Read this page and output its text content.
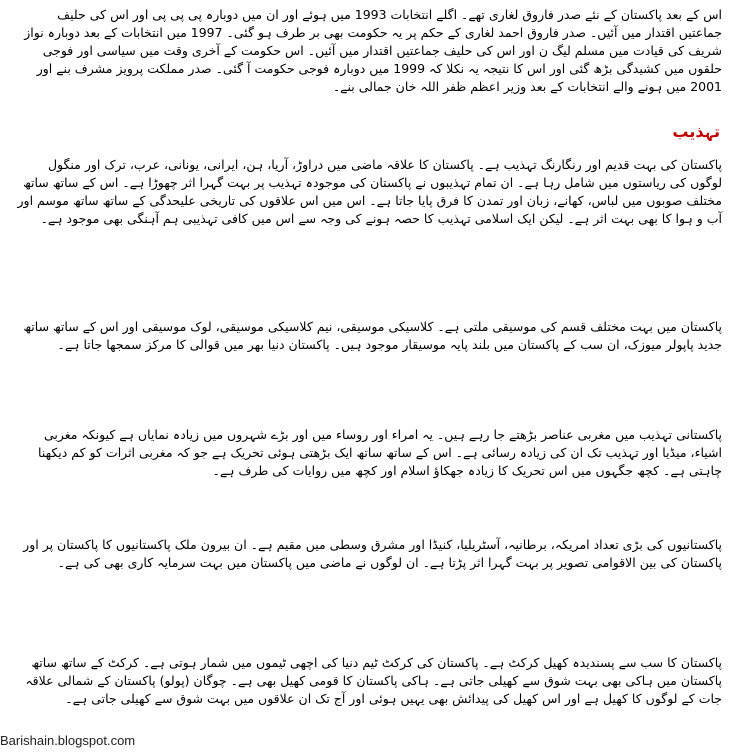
اس کے بعد پاکستان کے نئے صدر فاروق لغاری تھے۔ اگلے انتخابات 1993 میں ہوئے اور ان میں دوبارہ پی پی پی اور اس کی حلیف جماعتیں اقتدار میں آئیں۔ صدر فاروق احمد لغاری کے حکم پر یہ حکومت بھی بر طرف ہو گئی۔ 1997 میں انتخابات کے بعد دوبارہ نواز شریف کی قیادت میں مسلم لیگ ن اور اس کی حلیف جماعتیں اقتدار میں آئیں۔ اس حکومت کے آخری وقت میں سیاسی اور فوجی حلقوں میں کشیدگی بڑھ گئی اور اس کا نتیجہ یہ نکلا کہ 1999 میں دوبارہ فوجی حکومت آ گئی۔ صدر مملکت پرویز مشرف بنے اور 2001 میں ہونے والے انتخابات کے بعد وزیر اعظم ظفر اللہ خان جمالی بنے۔

تہذیب

پاکستان کی بہت قدیم اور رنگارنگ تہذیب ہے۔ پاکستان کا علاقہ ماضی میں دراوڑ، آریا، ہن، ایرانی، یونانی، عرب، ترک اور منگول لوگوں کی ریاستوں میں شامل رہا ہے۔ ان تمام تہذیبوں نے پاکستان کی موجودہ تہذیب پر بہت گہرا اثر چھوڑا ہے۔ اس کے ساتھ ساتھ مختلف صوبوں میں لباس، کھانے، زبان اور تمدن کا فرق پایا جاتا ہے۔ اس میں اس علاقوں کی تاریخی علیحدگی کے ساتھ ساتھ موسم اور آب و ہوا کا بھی بہت اثر ہے۔ لیکن ایک اسلامی تہذیب کا حصہ ہونے کی وجہ سے اس میں کافی تہذیبی ہم آہنگی بھی موجود ہے۔

پاکستان میں بہت مختلف قسم کی موسیقی ملتی ہے۔ کلاسیکی موسیقی، نیم کلاسیکی موسیقی، لوک موسیقی اور اس کے ساتھ ساتھ جدید پاپولر میوزک، ان سب کے پاکستان میں بلند پایہ موسیقار موجود ہیں۔ پاکستان دنیا بھر میں قوالی کا مرکز سمجھا جاتا ہے۔

پاکستانی تہذیب میں مغربی عناصر بڑھتے جا رہے ہیں۔ یہ امراء اور روساء میں اور بڑے شہروں میں زیادہ نمایاں ہے کیونکہ مغربی اشیاء، میڈیا اور تہذیب تک ان کی زیادہ رسائی ہے۔ اس کے ساتھ ساتھ ایک بڑھتی ہوئی تحریک ہے جو کہ مغربی اثرات کو کم دیکھنا چاہتی ہے۔ کچھ جگہوں میں اس تحریک کا زیادہ جھکاؤ اسلام اور کچھ میں روایات کی طرف ہے۔

پاکستانیوں کی بڑی تعداد امریکہ، برطانیہ، آسٹریلیا، کنیڈا اور مشرق وسطی میں مقیم ہے۔ ان بیرون ملک پاکستانیوں کا پاکستان پر اور پاکستان کی بین الاقوامی تصویر پر بہت گہرا اثر پڑتا ہے۔ ان لوگوں نے ماضی میں پاکستان میں بہت سرمایہ کاری بھی کی ہے۔

پاکستان کا سب سے پسندیدہ کھیل کرکٹ ہے۔ پاکستان کی کرکٹ ٹیم دنیا کی اچھی ٹیموں میں شمار ہوتی ہے۔ کرکٹ کے ساتھ ساتھ پاکستان میں ہاکی بھی بہت شوق سے کھیلی جاتی ہے۔ ہاکی پاکستان کا قومی کھیل بھی ہے۔ چوگان (پولو) پاکستان کے شمالی علاقہ جات کے لوگوں کا کھیل ہے اور اس کھیل کی پیدائش بھی یہیں ہوئی اور آج تک ان علاقوں میں بہت شوق سے کھیلی جاتی ہے۔

Barishain.blogspot.com
